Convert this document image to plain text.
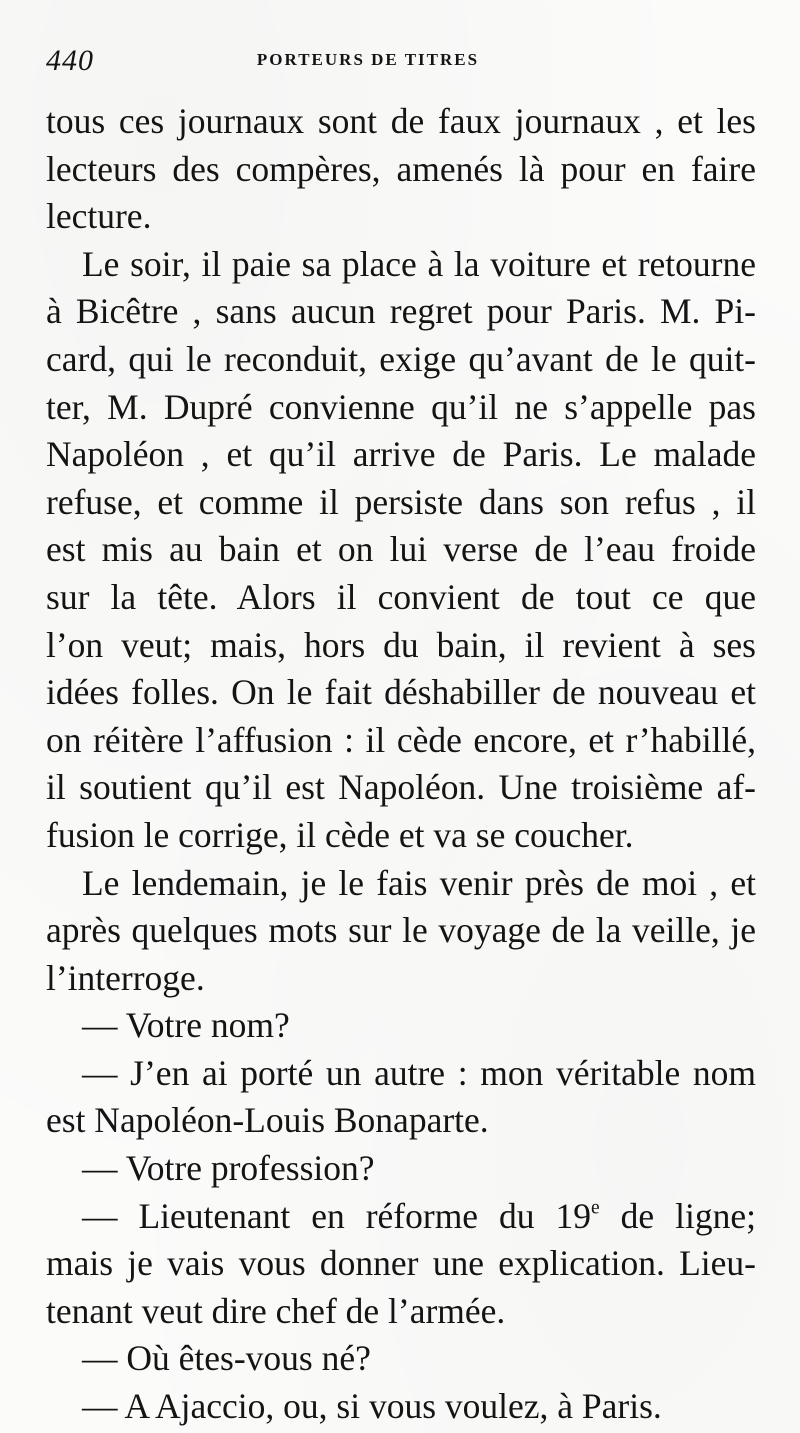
440	PORTEURS DE TITRES
tous ces journaux sont de faux journaux , et les
lecteurs des compères, amenés là pour en faire
lecture.
Le soir, il paie sa place à la voiture et retourne
à Bicêtre , sans aucun regret pour Paris. M. Pi-
card, qui le reconduit, exige qu’avant de le quit-
ter, M. Dupré convienne qu’il ne s’appelle pas
Napoléon , et qu’il arrive de Paris. Le malade
refuse, et comme il persiste dans son refus , il
est mis au bain et on lui verse de l’eau froide
sur la tête. Alors il convient de tout ce que
l’on veut; mais, hors du bain, il revient à ses
idées folles. On le fait déshabiller de nouveau et
on réitère l’affusion : il cède encore, et r’habillé,
il soutient qu’il est Napoléon. Une troisième af-
fusion le corrige, il cède et va se coucher.
Le lendemain, je le fais venir près de moi , et
après quelques mots sur le voyage de la veille, je
l’interroge.
— Votre nom?
— J’en ai porté un autre : mon véritable nom
est Napoléon-Louis Bonaparte.
— Votre profession?
— Lieutenant en réforme du 19e de ligne;
mais je vais vous donner une explication. Lieu-
tenant veut dire chef de l’armée.
— Où êtes-vous né?
— A Ajaccio, ou, si vous voulez, à Paris.
